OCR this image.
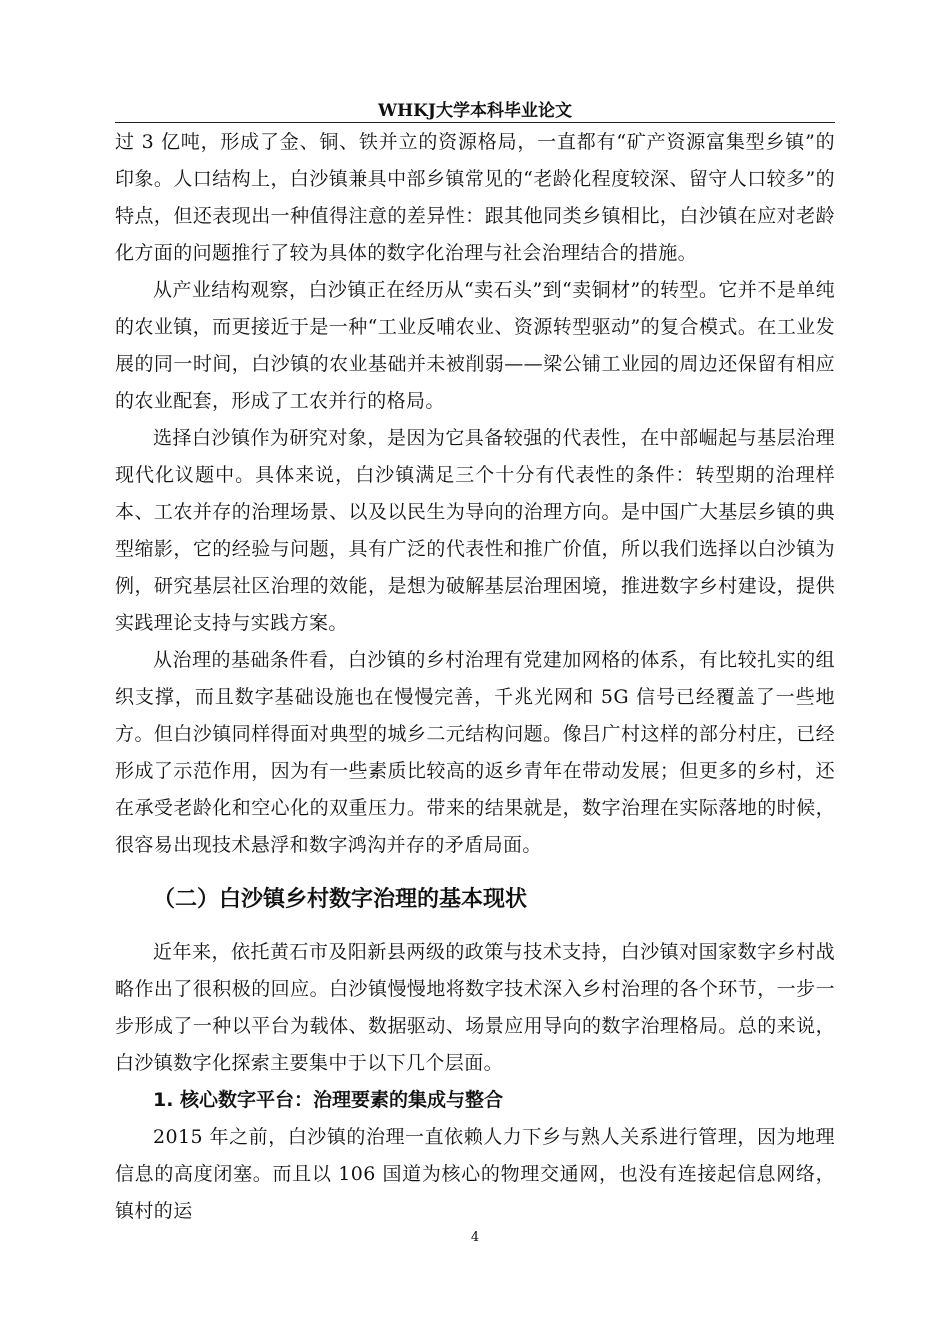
WHKJ大学本科毕业论文

过 3 亿吨，形成了金、铜、铁并立的资源格局，一直都有“矿产资源富集型乡镇”的印象。人口结构上，白沙镇兼具中部乡镇常见的“老龄化程度较深、留守人口较多”的特点，但还表现出一种值得注意的差异性：跟其他同类乡镇相比，白沙镇在应对老龄化方面的问题推行了较为具体的数字化治理与社会治理结合的措施。

从产业结构观察，白沙镇正在经历从“卖石头”到“卖铜材”的转型。它并不是单纯的农业镇，而更接近于是一种“工业反哺农业、资源转型驱动”的复合模式。在工业发展的同一时间，白沙镇的农业基础并未被削弱——梁公铺工业园的周边还保留有相应的农业配套，形成了工农并行的格局。

选择白沙镇作为研究对象，是因为它具备较强的代表性，在中部崛起与基层治理现代化议题中。具体来说，白沙镇满足三个十分有代表性的条件：转型期的治理样本、工农并存的治理场景、以及以民生为导向的治理方向。是中国广大基层乡镇的典型缩影，它的经验与问题，具有广泛的代表性和推广价值，所以我们选择以白沙镇为例，研究基层社区治理的效能，是想为破解基层治理困境，推进数字乡村建设，提供实践理论支持与实践方案。

从治理的基础条件看，白沙镇的乡村治理有党建加网格的体系，有比较扎实的组织支撑，而且数字基础设施也在慢慢完善，千兆光网和 5G 信号已经覆盖了一些地方。但白沙镇同样得面对典型的城乡二元结构问题。像吕广村这样的部分村庄，已经形成了示范作用，因为有一些素质比较高的返乡青年在带动发展；但更多的乡村，还在承受老龄化和空心化的双重压力。带来的结果就是，数字治理在实际落地的时候，很容易出现技术悬浮和数字鸿沟并存的矛盾局面。

（二）白沙镇乡村数字治理的基本现状

近年来，依托黄石市及阳新县两级的政策与技术支持，白沙镇对国家数字乡村战略作出了很积极的回应。白沙镇慢慢地将数字技术深入乡村治理的各个环节，一步一步形成了一种以平台为载体、数据驱动、场景应用导向的数字治理格局。总的来说，白沙镇数字化探索主要集中于以下几个层面。

1. 核心数字平台：治理要素的集成与整合

2015 年之前，白沙镇的治理一直依赖人力下乡与熟人关系进行管理，因为地理信息的高度闭塞。而且以 106 国道为核心的物理交通网，也没有连接起信息网络，镇村的运

4
